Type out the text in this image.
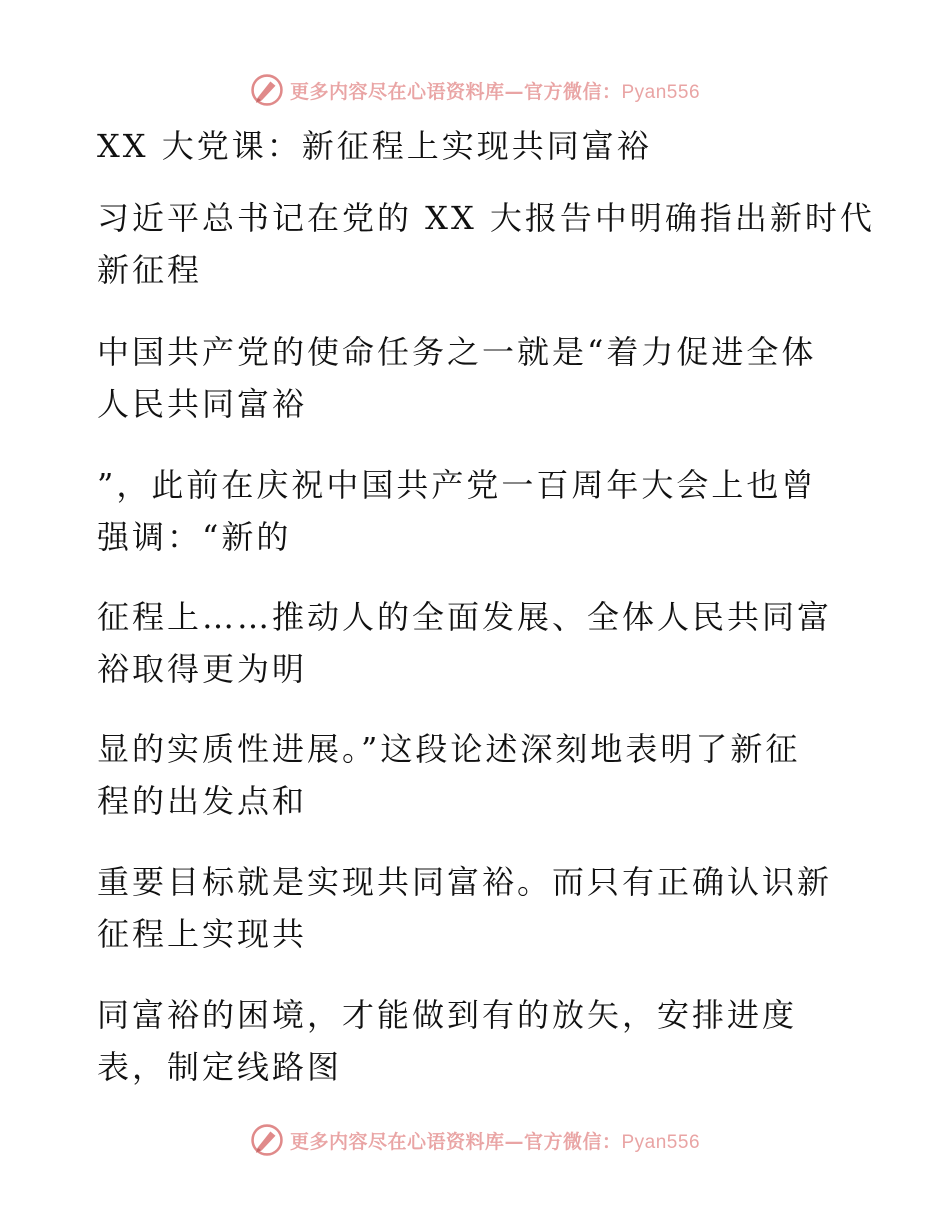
更多内容尽在心语资料库—官方微信：Pyan556
XX 大党课：新征程上实现共同富裕
习近平总书记在党的 XX 大报告中明确指出新时代
新征程
中国共产党的使命任务之一就是“着力促进全体
人民共同富裕
”，此前在庆祝中国共产党一百周年大会上也曾
强调：“新的
征程上……推动人的全面发展、全体人民共同富
裕取得更为明
显的实质性进展。”这段论述深刻地表明了新征
程的出发点和
重要目标就是实现共同富裕。而只有正确认识新
征程上实现共
同富裕的困境，才能做到有的放矢，安排进度
表，制定线路图
更多内容尽在心语资料库—官方微信：Pyan556
